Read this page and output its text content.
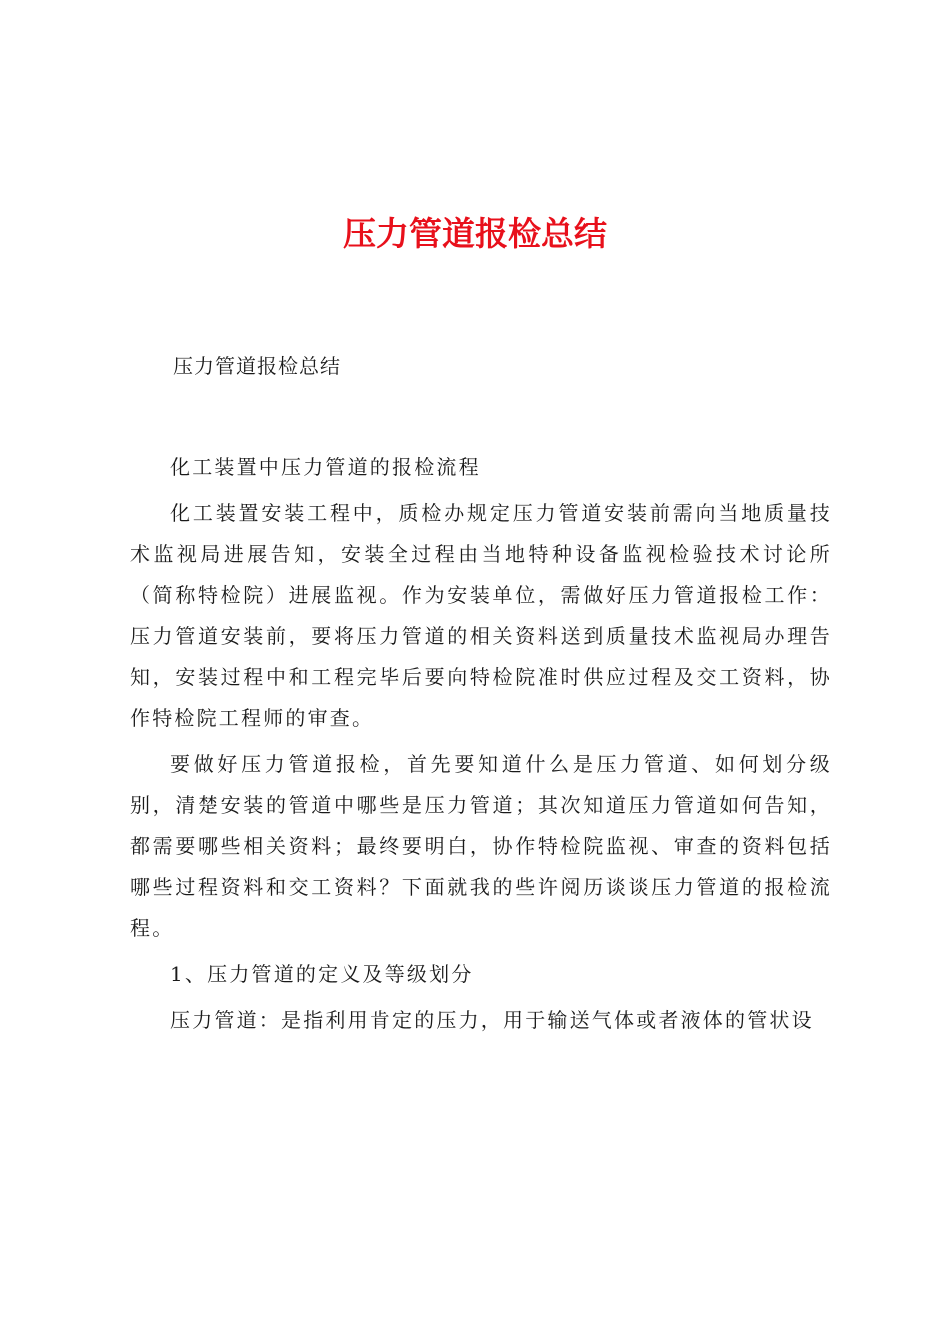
压力管道报检总结
压力管道报检总结

化工装置中压力管道的报检流程

化工装置安装工程中，质检办规定压力管道安装前需向当地质量技术监视局进展告知，安装全过程由当地特种设备监视检验技术讨论所（简称特检院）进展监视。作为安装单位，需做好压力管道报检工作：压力管道安装前，要将压力管道的相关资料送到质量技术监视局办理告知，安装过程中和工程完毕后要向特检院准时供应过程及交工资料，协作特检院工程师的审查。

要做好压力管道报检，首先要知道什么是压力管道、如何划分级别，清楚安装的管道中哪些是压力管道；其次知道压力管道如何告知，都需要哪些相关资料；最终要明白，协作特检院监视、审查的资料包括哪些过程资料和交工资料？下面就我的些许阅历谈谈压力管道的报检流程。

1、压力管道的定义及等级划分

压力管道：是指利用肯定的压力，用于输送气体或者液体的管状设
